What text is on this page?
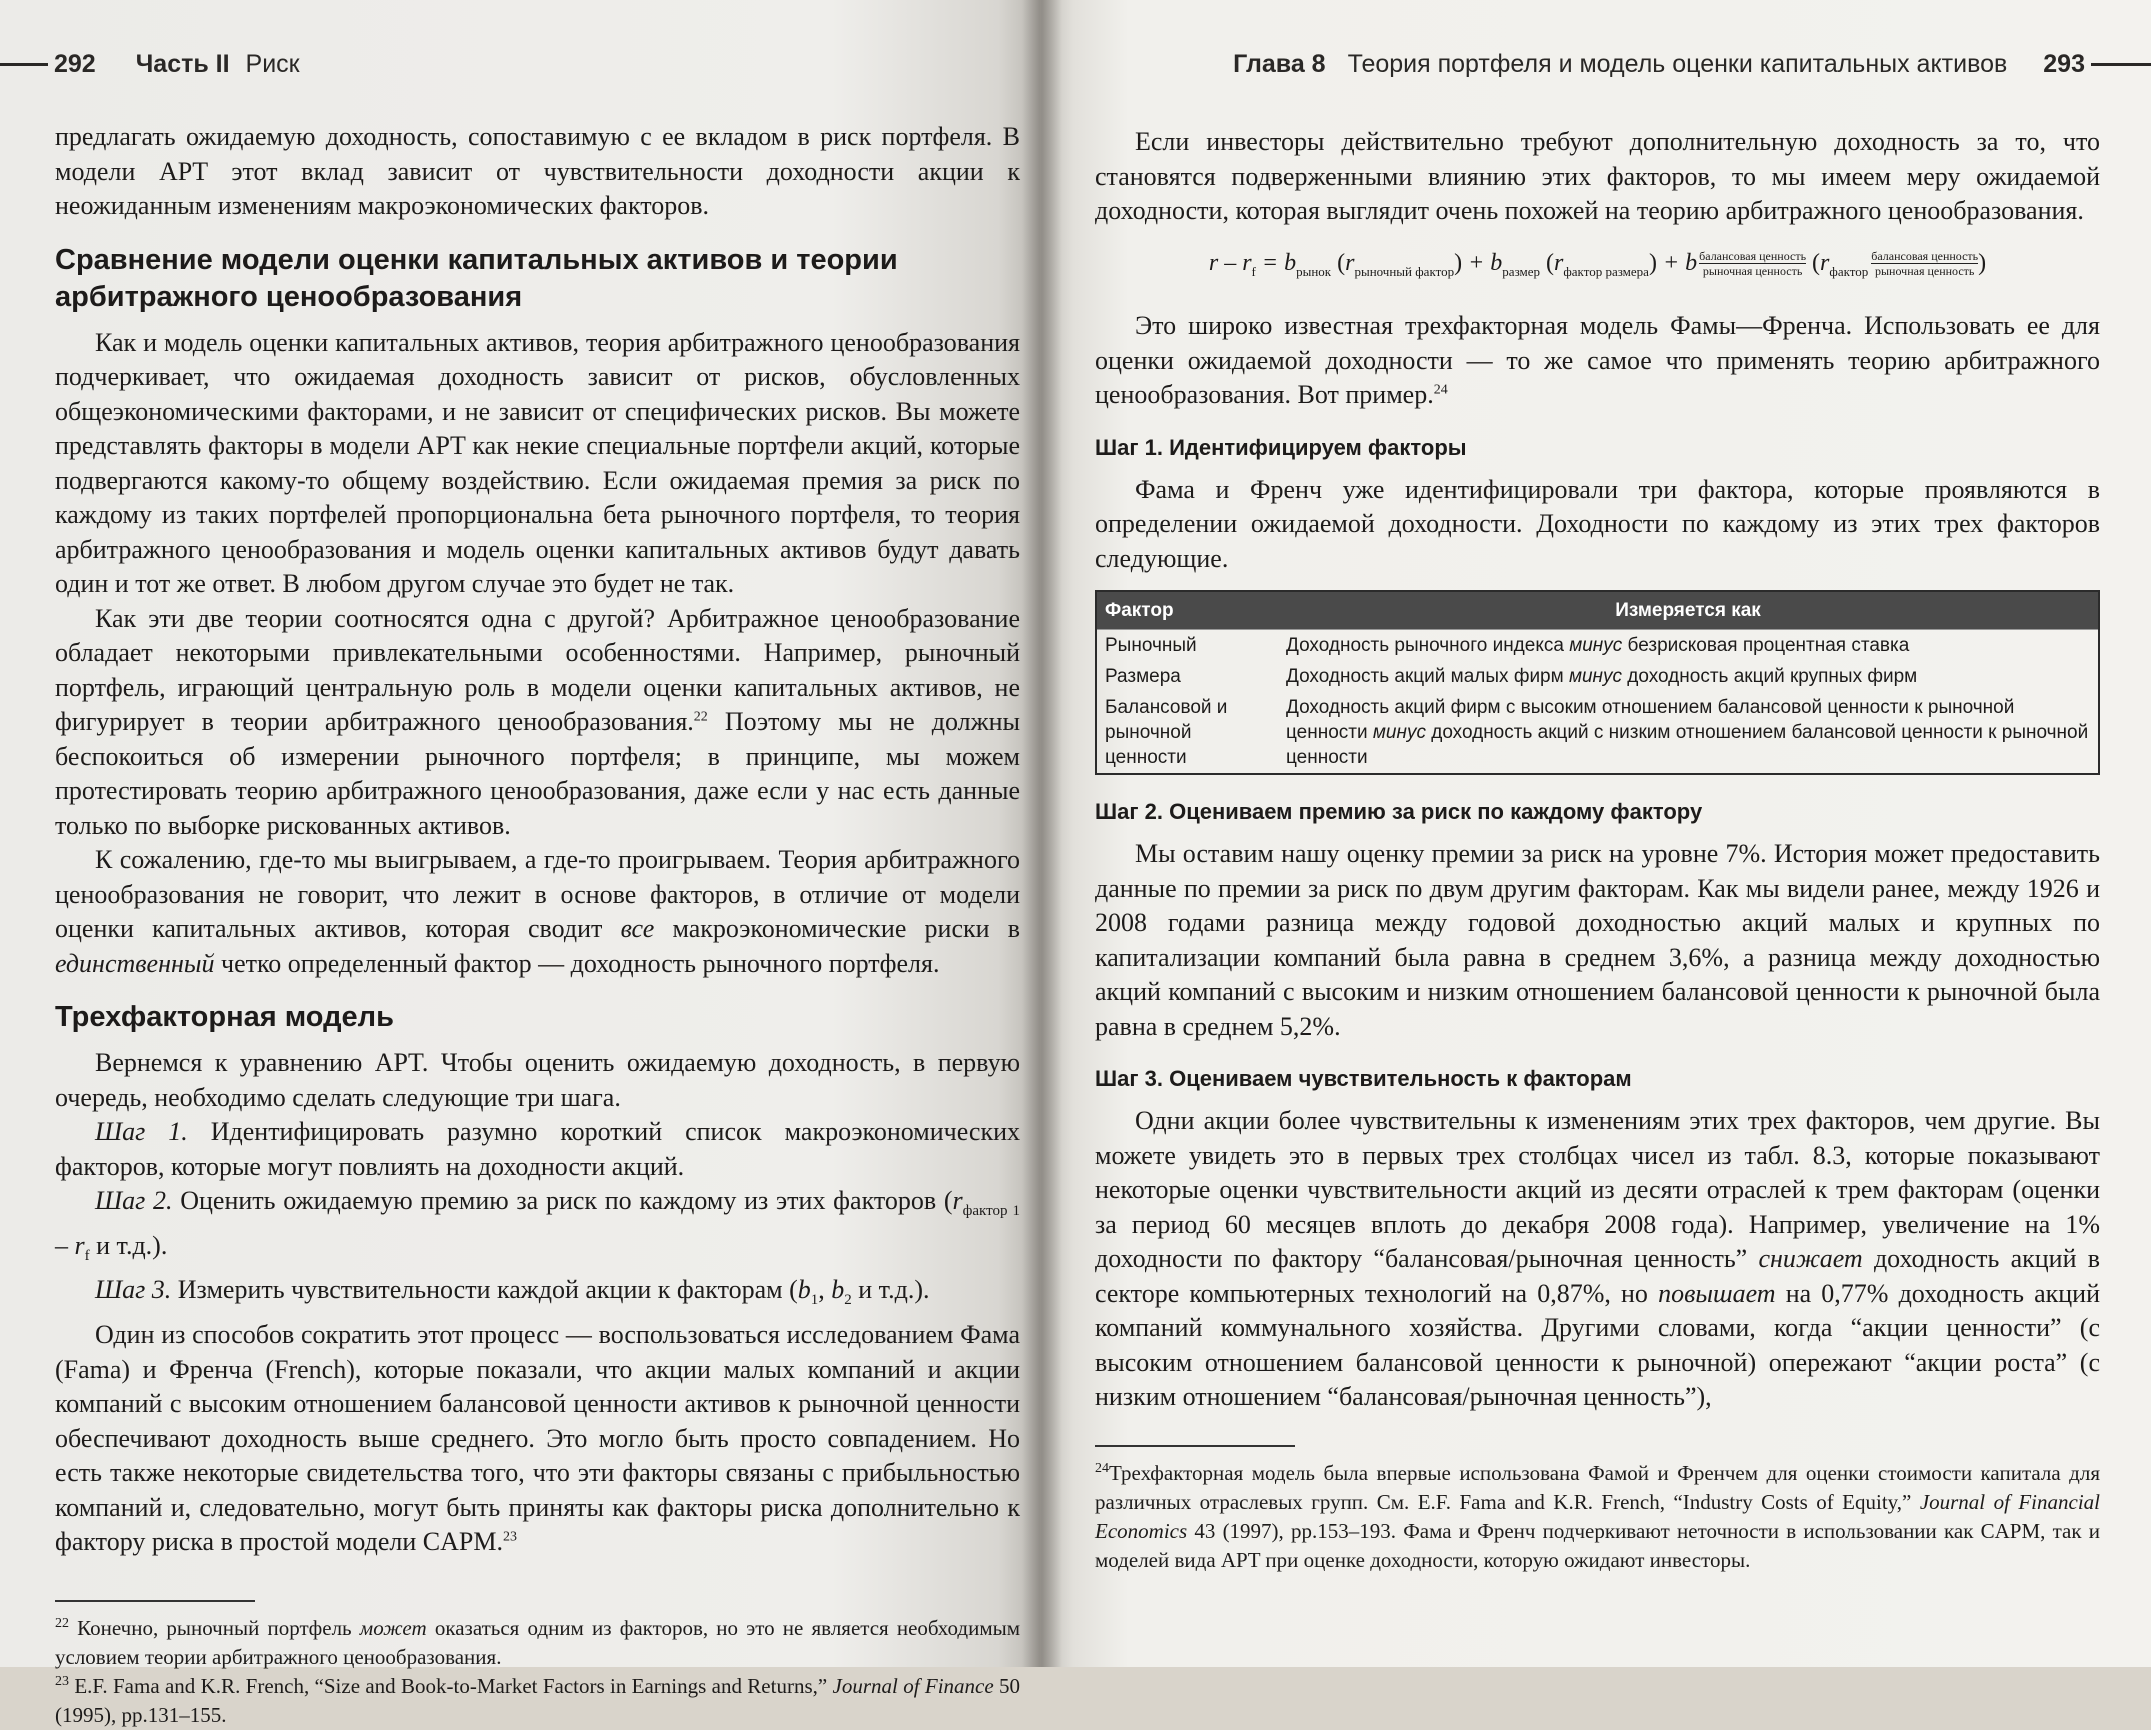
292 Часть II Риск

предлагать ожидаемую доходность, сопоставимую с ее вкладом в риск портфеля. В модели APT этот вклад зависит от чувствительности доходности акции к неожиданным изменениям макроэкономических факторов.

Сравнение модели оценки капитальных активов и теории арбитражного ценообразования

Как и модель оценки капитальных активов, теория арбитражного ценообразования подчеркивает, что ожидаемая доходность зависит от рисков, обусловленных общеэкономическими факторами, и не зависит от специфических рисков. Вы можете представлять факторы в модели APT как некие специальные портфели акций, которые подвергаются какому-то общему воздействию. Если ожидаемая премия за риск по каждому из таких портфелей пропорциональна бета рыночного портфеля, то теория арбитражного ценообразования и модель оценки капитальных активов будут давать один и тот же ответ. В любом другом случае это будет не так.

Как эти две теории соотносятся одна с другой? Арбитражное ценообразование обладает некоторыми привлекательными особенностями. Например, рыночный портфель, играющий центральную роль в модели оценки капитальных активов, не фигурирует в теории арбитражного ценообразования.$^{22}$ Поэтому мы не должны беспокоиться об измерении рыночного портфеля; в принципе, мы можем протестировать теорию арбитражного ценообразования, даже если у нас есть данные только по выборке рискованных активов.

К сожалению, где-то мы выигрываем, а где-то проигрываем. Теория арбитражного ценообразования не говорит, что лежит в основе факторов, в отличие от модели оценки капитальных активов, которая сводит все макроэкономические риски в единственный четко определенный фактор — доходность рыночного портфеля.

Трехфакторная модель

Вернемся к уравнению APT. Чтобы оценить ожидаемую доходность, в первую очередь, необходимо сделать следующие три шага.

Шаг 1. Идентифицировать разумно короткий список макроэкономических факторов, которые могут повлиять на доходности акций.

Шаг 2. Оценить ожидаемую премию за риск по каждому из этих факторов ($r_{фактор 1} - r_f$ и т.д.).

Шаг 3. Измерить чувствительности каждой акции к факторам ($b_1$, $b_2$ и т.д.).

Один из способов сократить этот процесс — воспользоваться исследованием Фама (Fama) и Френча (French), которые показали, что акции малых компаний и акции компаний с высоким отношением балансовой ценности активов к рыночной ценности обеспечивают доходность выше среднего. Это могло быть просто совпадением. Но есть также некоторые свидетельства того, что эти факторы связаны с прибыльностью компаний и, следовательно, могут быть приняты как факторы риска дополнительно к фактору риска в простой модели CAPM.$^{23}$

$^{22}$ Конечно, рыночный портфель может оказаться одним из факторов, но это не является необходимым условием теории арбитражного ценообразования.

$^{23}$ E.F. Fama and K.R. French, “Size and Book-to-Market Factors in Earnings and Returns,” Journal of Finance 50 (1995), pp.131–155.

Глава 8 Теория портфеля и модель оценки капитальных активов 293

Если инвесторы действительно требуют дополнительную доходность за то, что становятся подверженными влиянию этих факторов, то мы имеем меру ожидаемой доходности, которая выглядит очень похожей на теорию арбитражного ценообразования.

$r - r_f = b_{рынок}$ $(r_{рыночный фактор}) + b_{размер}$ $(r_{фактор размера}) + b$ балансовая ценность
рыночная ценность ($r_{фактор}$
балансовая ценность
рыночная ценность )

Это широко известная трехфакторная модель Фамы—Френча. Использовать ее для оценки ожидаемой доходности — то же самое что применять теорию арбитражного ценообразования. Вот пример.$^{24}$

Шаг 1. Идентифицируем факторы

Фама и Френч уже идентифицировали три фактора, которые проявляются в определении ожидаемой доходности. Доходности по каждому из этих трех факторов следующие.

Фактор	Измеряется как
Рыночный	Доходность рыночного индекса минус безрисковая процентная ставка
Размера	Доходность акций малых фирм минус доходность акций крупных фирм
Балансовой и рыночной ценности	Доходность акций фирм с высоким отношением балансовой ценности к рыночной ценности минус доходность акций с низким отношением балансовой ценности к рыночной ценности
Шаг 2. Оцениваем премию за риск по каждому фактору

Мы оставим нашу оценку премии за риск на уровне 7%. История может предоставить данные по премии за риск по двум другим факторам. Как мы видели ранее, между 1926 и 2008 годами разница между годовой доходностью акций малых и крупных по капитализации компаний была равна в среднем 3,6%, а разница между доходностью акций компаний с высоким и низким отношением балансовой ценности к рыночной была равна в среднем 5,2%.

Шаг 3. Оцениваем чувствительность к факторам

Одни акции более чувствительны к изменениям этих трех факторов, чем другие. Вы можете увидеть это в первых трех столбцах чисел из табл. 8.3, которые показывают некоторые оценки чувствительности акций из десяти отраслей к трем факторам (оценки за период 60 месяцев вплоть до декабря 2008 года). Например, увеличение на 1% доходности по фактору “балансовая/рыночная ценность” снижает доходность акций в секторе компьютерных технологий на 0,87%, но повышает на 0,77% доходность акций компаний коммунального хозяйства. Другими словами, когда “акции ценности” (с высоким отношением балансовой ценности к рыночной) опережают “акции роста” (с низким отношением “балансовая/рыночная ценность”),

$^{24}$Трехфакторная модель была впервые использована Фамой и Френчем для оценки стоимости капитала для различных отраслевых групп. См. E.F. Fama and K.R. French, “Industry Costs of Equity,” Journal of Financial Economics 43 (1997), pp.153–193. Фама и Френч подчеркивают неточности в использовании как CAPM, так и моделей вида APT при оценке доходности, которую ожидают инвесторы.
